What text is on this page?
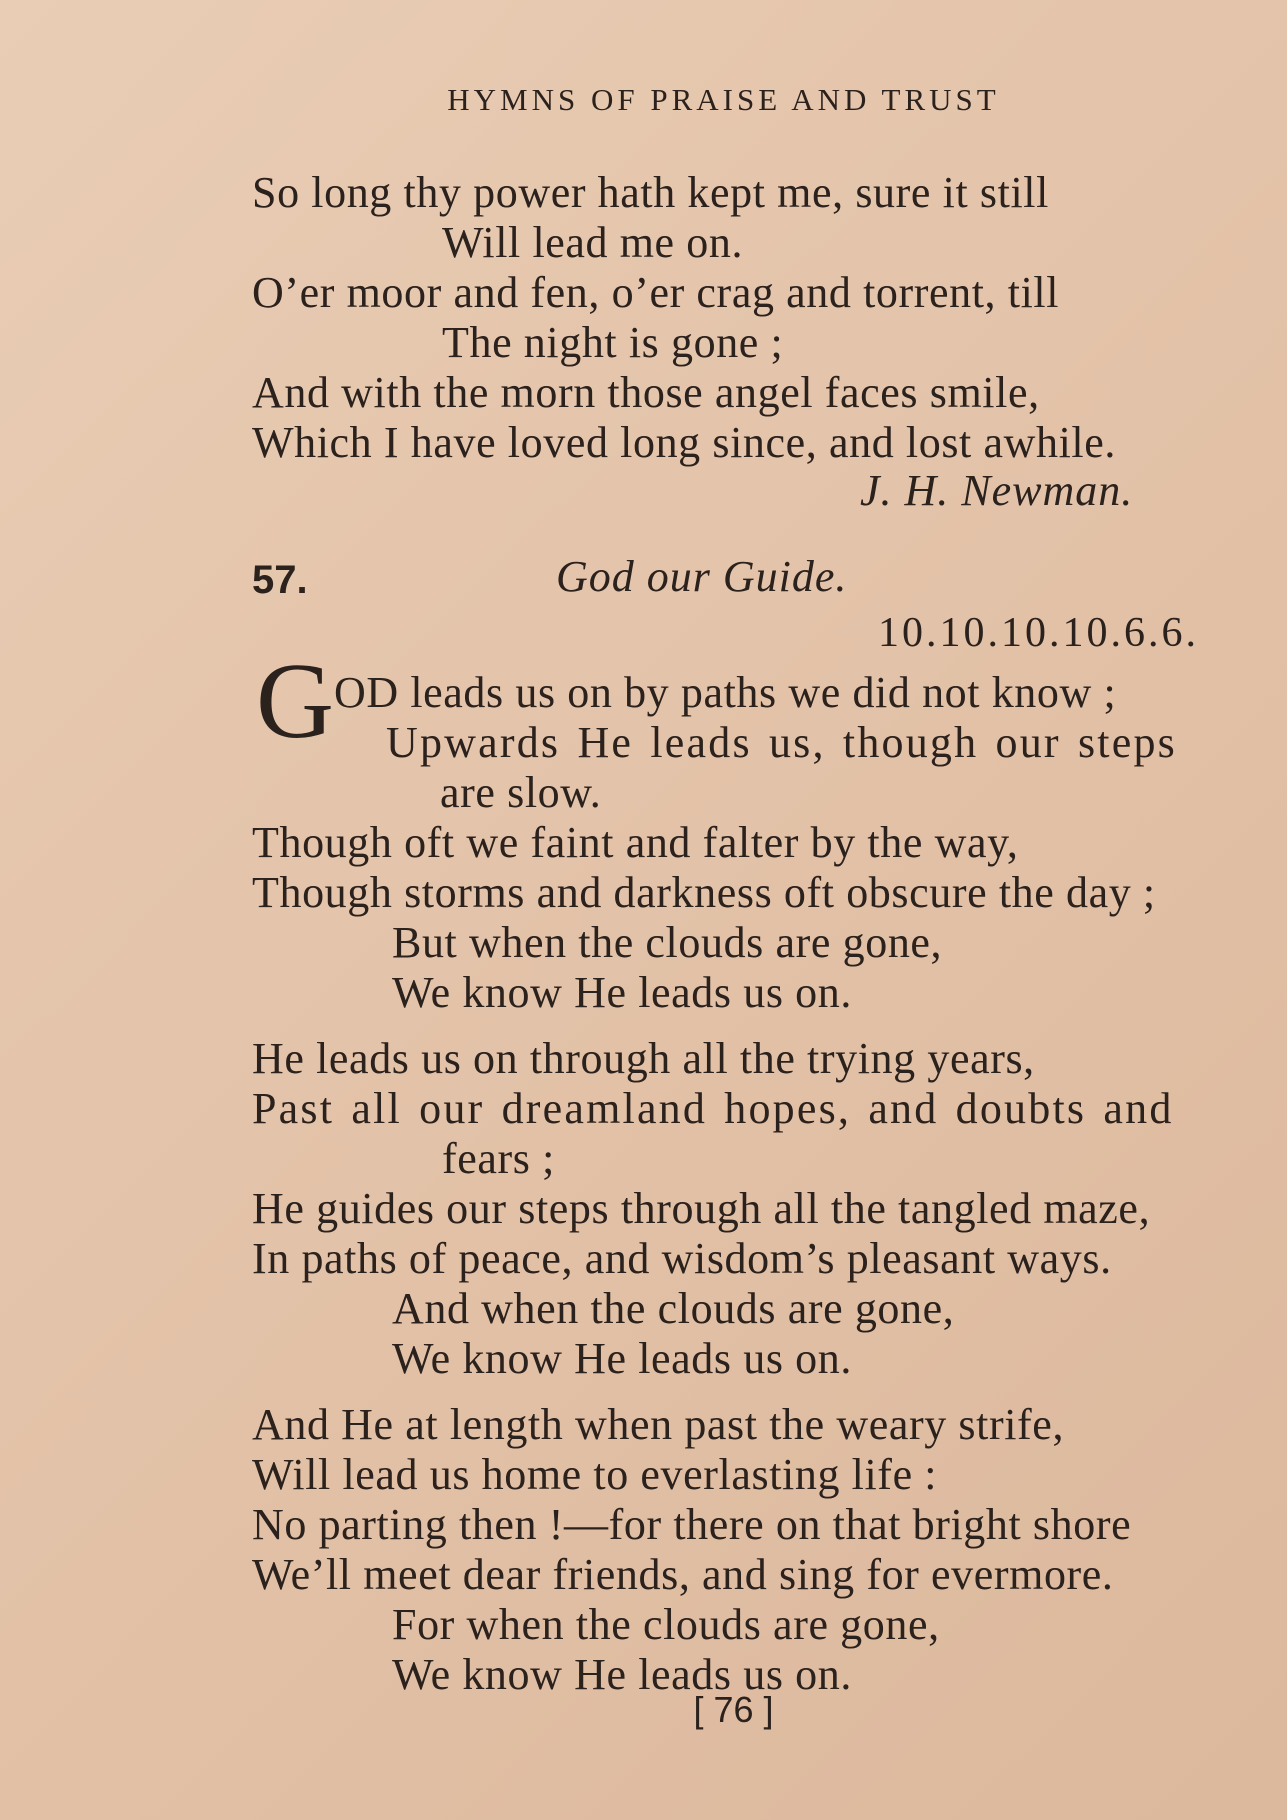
HYMNS OF PRAISE AND TRUST
So long thy power hath kept me, sure it still
Will lead me on.
O’er moor and fen, o’er crag and torrent, till
The night is gone ;
And with the morn those angel faces smile,
Which I have loved long since, and lost awhile.
J. H. Newman.
57.	God our Guide.
10.10.10.10.6.6.
G OD leads us on by paths we did not know ;
Upwards He leads us, though our steps
are slow.
Though oft we faint and falter by the way,
Though storms and darkness oft obscure the day ;
But when the clouds are gone,
We know He leads us on.
He leads us on through all the trying years,
Past all our dreamland hopes, and doubts and
fears ;
He guides our steps through all the tangled maze,
In paths of peace, and wisdom’s pleasant ways.
And when the clouds are gone,
We know He leads us on.
And He at length when past the weary strife,
Will lead us home to everlasting life :
No parting then !—for there on that bright shore
We’ll meet dear friends, and sing for evermore.
For when the clouds are gone,
We know He leads us on.
[ 76 ]
